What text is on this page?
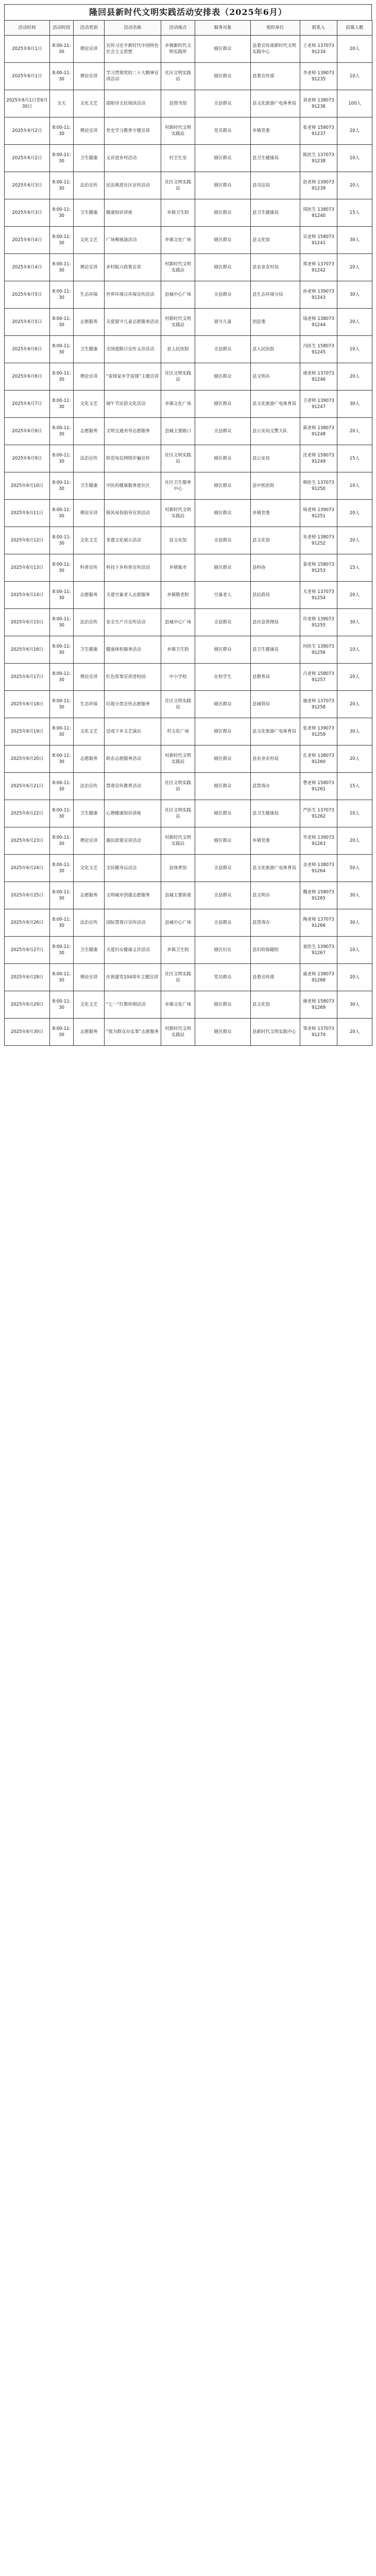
隆回县新时代文明实践活动安排表（2025年6月）
活动时间	活动时段	活动类别	活动名称	活动地点	服务对象	组织单位	联系人	招募人数
2025年6月1日	8:00-11:30	理论宣讲	宣传习近平新时代中国特色社会主义思想	乡镇新时代文明实践所	辖区群众	县委宣传部新时代文明实践中心	王老师 13707391234	20人
2025年6月1日	8:00-11:30	理论宣讲	学习贯彻党的二十大精神宣讲活动	社区文明实践站	辖区群众	县委宣传部	李老师 13907391235	10人
2025年6月1日至6月30日	全天	文化文艺	邵阳市全民阅读活动	县图书馆	全县群众	县文化旅游广电体育局	刘老师 13807391236	100人
2025年6月2日	8:00-11:30	理论宣讲	党史学习教育专题宣讲	村新时代文明实践站	党员群众	乡镇党委	张老师 15807391237	20人
2025年6月2日	8:00-11:30	卫生健康	义诊进乡村活动	村卫生室	辖区群众	县卫生健康局	陈医生 13707391238	10人
2025年6月3日	8:00-11:30	法治宣传	民法典进社区宣传活动	社区文明实践站	辖区群众	县司法局	赵老师 13907391239	20人
2025年6月3日	8:00-11:30	卫生健康	健康知识讲座	乡镇卫生院	辖区群众	县卫生健康局	周医生 13807391240	15人
2025年6月4日	8:00-11:30	文化文艺	广场舞展演活动	乡镇文化广场	辖区群众	县文化馆	吴老师 15807391241	30人
2025年6月4日	8:00-11:30	理论宣讲	乡村振兴政策宣讲	村新时代文明实践站	辖区群众	县农业农村局	郑老师 13707391242	20人
2025年6月5日	8:00-11:30	生态环保	世界环境日环保宣传活动	县城中心广场	全县群众	县生态环境分局	孙老师 13907391243	30人
2025年6月5日	8:00-11:30	志愿服务	关爱留守儿童志愿服务活动	村新时代文明实践站	留守儿童	团县委	钱老师 13807391244	20人
2025年6月6日	8:00-11:30	卫生健康	全国爱眼日宣传义诊活动	县人民医院	全县群众	县人民医院	冯医生 15807391245	10人
2025年6月6日	8:00-11:30	理论宣讲	“雷锋家乡学雷锋”主题宣讲	社区文明实践站	辖区群众	县文明办	褚老师 13707391246	20人
2025年6月7日	8:00-11:30	文化文艺	端午节民俗文化活动	乡镇文化广场	辖区群众	县文化旅游广电体育局	卫老师 13907391247	30人
2025年6月8日	8:00-11:30	志愿服务	文明交通劝导志愿服务	县城主要路口	全县群众	县公安局交警大队	蒋老师 13807391248	20人
2025年6月9日	8:00-11:30	法治宣传	防范电信网络诈骗宣传	社区文明实践站	辖区群众	县公安局	沈老师 15807391249	15人
2025年6月10日	8:00-11:30	卫生健康	中医药健康服务进社区	社区卫生服务中心	辖区群众	县中医医院	韩医生 13707391250	10人
2025年6月11日	8:00-11:30	理论宣讲	移风易俗倡导宣讲活动	村新时代文明实践站	辖区群众	乡镇党委	杨老师 13907391251	20人
2025年6月12日	8:00-11:30	文化文艺	非遗文化展示活动	县文化馆	全县群众	县文化馆	朱老师 13807391252	20人
2025年6月13日	8:00-11:30	科普宣传	科技下乡科普宣传活动	乡镇集市	辖区群众	县科协	秦老师 15807391253	15人
2025年6月14日	8:00-11:30	志愿服务	关爱空巢老人志愿服务	乡镇敬老院	空巢老人	县民政局	尤老师 13707391254	20人
2025年6月15日	8:00-11:30	法治宣传	安全生产月宣传活动	县城中心广场	全县群众	县应急管理局	许老师 13907391255	30人
2025年6月16日	8:00-11:30	卫生健康	健康体检服务活动	乡镇卫生院	辖区群众	县卫生健康局	何医生 13807391256	10人
2025年6月17日	8:00-11:30	理论宣讲	红色故事宣讲进校园	中小学校	在校学生	县教育局	吕老师 15807391257	20人
2025年6月18日	8:00-11:30	生态环保	垃圾分类宣传志愿服务	社区文明实践站	辖区群众	县城管局	施老师 13707391258	20人
2025年6月19日	8:00-11:30	文化文艺	送戏下乡文艺演出	村文化广场	辖区群众	县文化旅游广电体育局	张老师 13907391259	30人
2025年6月20日	8:00-11:30	志愿服务	助农志愿服务活动	村新时代文明实践站	辖区群众	县农业农村局	孔老师 13807391260	20人
2025年6月21日	8:00-11:30	法治宣传	禁毒宣传教育活动	社区文明实践站	辖区群众	县禁毒办	曹老师 15807391261	15人
2025年6月22日	8:00-11:30	卫生健康	心理健康知识讲座	社区文明实践站	辖区群众	县卫生健康局	严医生 13707391262	10人
2025年6月23日	8:00-11:30	理论宣讲	惠民政策宣讲活动	村新时代文明实践站	辖区群众	乡镇党委	华老师 13907391263	20人
2025年6月24日	8:00-11:30	文化文艺	全民健身运动会	县体育馆	全县群众	县文化旅游广电体育局	金老师 13807391264	50人
2025年6月25日	8:00-11:30	志愿服务	文明城市创建志愿服务	县城主要街道	全县群众	县文明办	魏老师 15807391265	30人
2025年6月26日	8:00-11:30	法治宣传	国际禁毒日宣传活动	县城中心广场	全县群众	县禁毒办	陶老师 13707391266	30人
2025年6月27日	8:00-11:30	卫生健康	关爱妇女健康义诊活动	乡镇卫生院	辖区妇女	县妇幼保健院	姜医生 13907391267	10人
2025年6月28日	8:00-11:30	理论宣讲	庆祝建党104周年主题宣讲	社区文明实践站	党员群众	县委宣传部	戚老师 13807391268	20人
2025年6月29日	8:00-11:30	文化文艺	“七一”红歌传唱活动	乡镇文化广场	辖区群众	县文化馆	谢老师 15807391269	30人
2025年6月30日	8:00-11:30	志愿服务	“我为群众办实事”志愿服务	村新时代文明实践站	辖区群众	县新时代文明实践中心	邹老师 13707391270	20人
